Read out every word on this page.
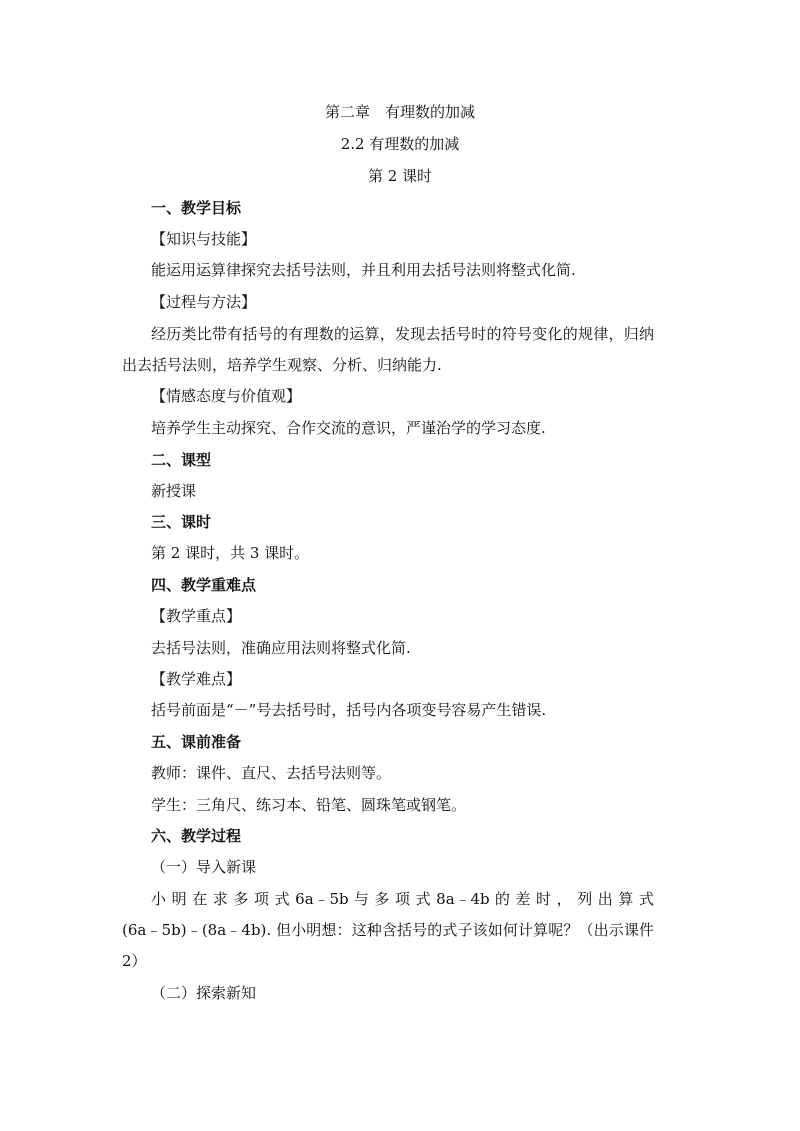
第二章　有理数的加减
2.2 有理数的加减
第 2 课时
一、教学目标
【知识与技能】
能运用运算律探究去括号法则，并且利用去括号法则将整式化简.
【过程与方法】
经历类比带有括号的有理数的运算，发现去括号时的符号变化的规律，归纳
出去括号法则，培养学生观察、分析、归纳能力.
【情感态度与价值观】
培养学生主动探究、合作交流的意识，严谨治学的学习态度.
二、课型
新授课
三、课时
第 2 课时，共 3 课时。
四、教学重难点
【教学重点】
去括号法则，准确应用法则将整式化简.
【教学难点】
括号前面是“－”号去括号时，括号内各项变号容易产生错误.
五、课前准备
教师：课件、直尺、去括号法则等。
学生：三角尺、练习本、铅笔、圆珠笔或钢笔。
六、教学过程
（一）导入新课
小 明 在 求 多 项 式 6a﹣5b 与 多 项 式 8a﹣4b 的 差 时 ， 列 出 算 式
(6a﹣5b)﹣(8a﹣4b). 但小明想：这种含括号的式子该如何计算呢？（出示课件
2）
（二）探索新知
